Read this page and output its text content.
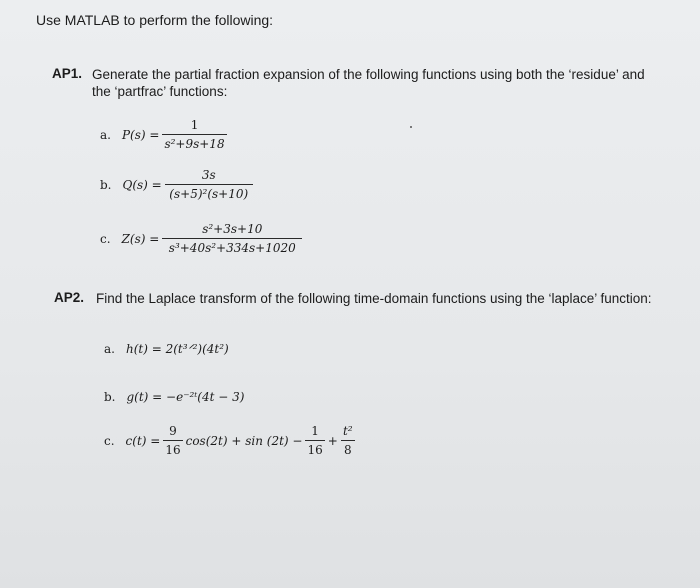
Use MATLAB to perform the following:
AP1. Generate the partial fraction expansion of the following functions using both the ‘residue’ and the ‘partfrac’ functions:
a. $P(s) = \frac{1}{\text{s²+9s+18}}$
b. $Q(s) = \frac{3s}{\text{(s+5)²(s+10)}}$
c. $Z(s) = \frac{\text{s²+3s+10}}{\text{s³+40s²+334s+1020}}$
AP2. Find the Laplace transform of the following time-domain functions using the ‘laplace’ function:
a. h(t) = 2(t³ᐟ²)(4t²)
b. g(t) = −e⁻²ᵗ(4t − 3)
c. $c(t) = \frac{9}{16} \cos(2t) + \sin (2t) - \frac{1}{16} + \frac{\text{t²}}{8}$
